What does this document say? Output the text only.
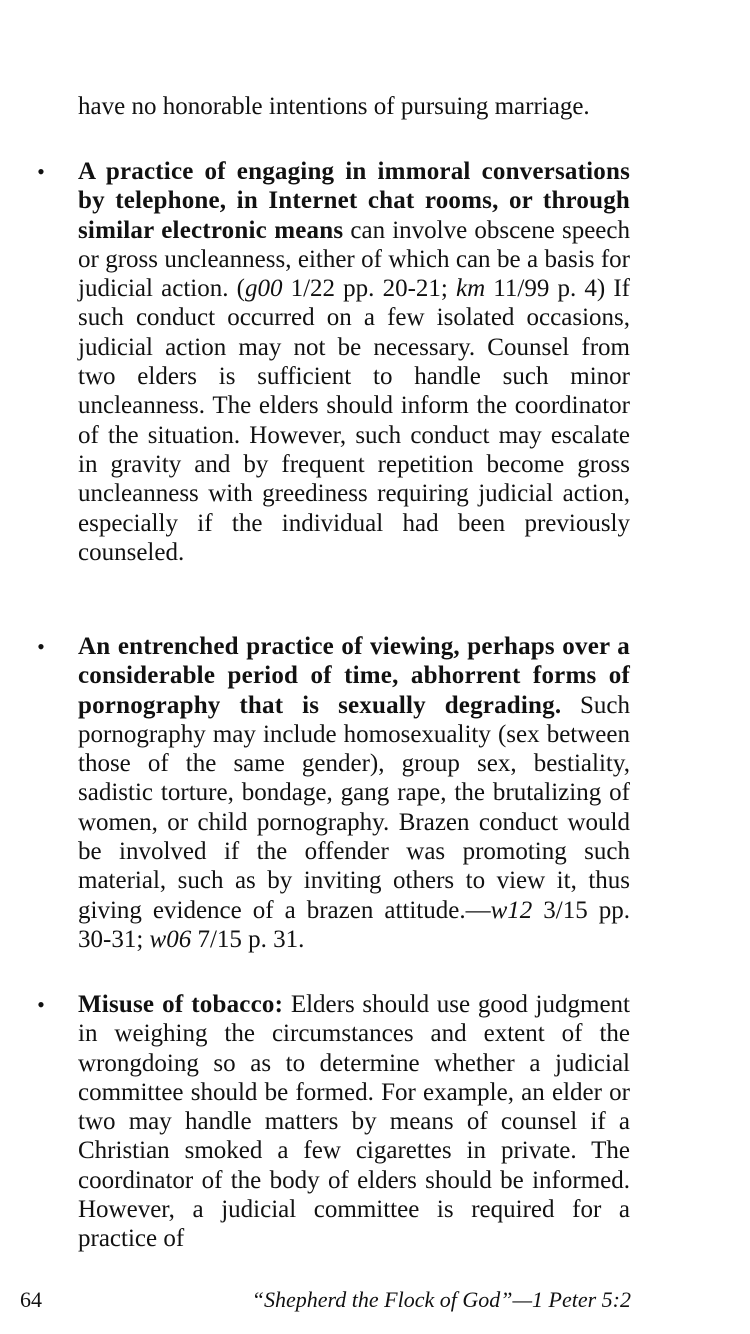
have no honorable intentions of pursuing marriage.

• A practice of engaging in immoral conversations by telephone, in Internet chat rooms, or through similar electronic means can involve obscene speech or gross uncleanness, either of which can be a basis for judicial action. (g00 1/22 pp. 20-21; km 11/99 p. 4) If such conduct occurred on a few isolated occasions, judicial action may not be necessary. Counsel from two elders is sufficient to handle such minor uncleanness. The elders should inform the coordinator of the situation. However, such conduct may escalate in gravity and by frequent repetition become gross uncleanness with greediness requiring judicial action, especially if the individual had been previously counseled.

• An entrenched practice of viewing, perhaps over a considerable period of time, abhorrent forms of pornography that is sexually degrading. Such pornography may include homosexuality (sex between those of the same gender), group sex, bestiality, sadistic torture, bondage, gang rape, the brutalizing of women, or child pornography. Brazen conduct would be involved if the offender was promoting such material, such as by inviting others to view it, thus giving evidence of a brazen attitude.—w12 3/15 pp. 30-31; w06 7/15 p. 31.

• Misuse of tobacco: Elders should use good judgment in weighing the circumstances and extent of the wrongdoing so as to determine whether a judicial committee should be formed. For example, an elder or two may handle matters by means of counsel if a Christian smoked a few cigarettes in private. The coordinator of the body of elders should be informed. However, a judicial committee is required for a practice of

64	“Shepherd the Flock of God”—1 Peter 5:2
